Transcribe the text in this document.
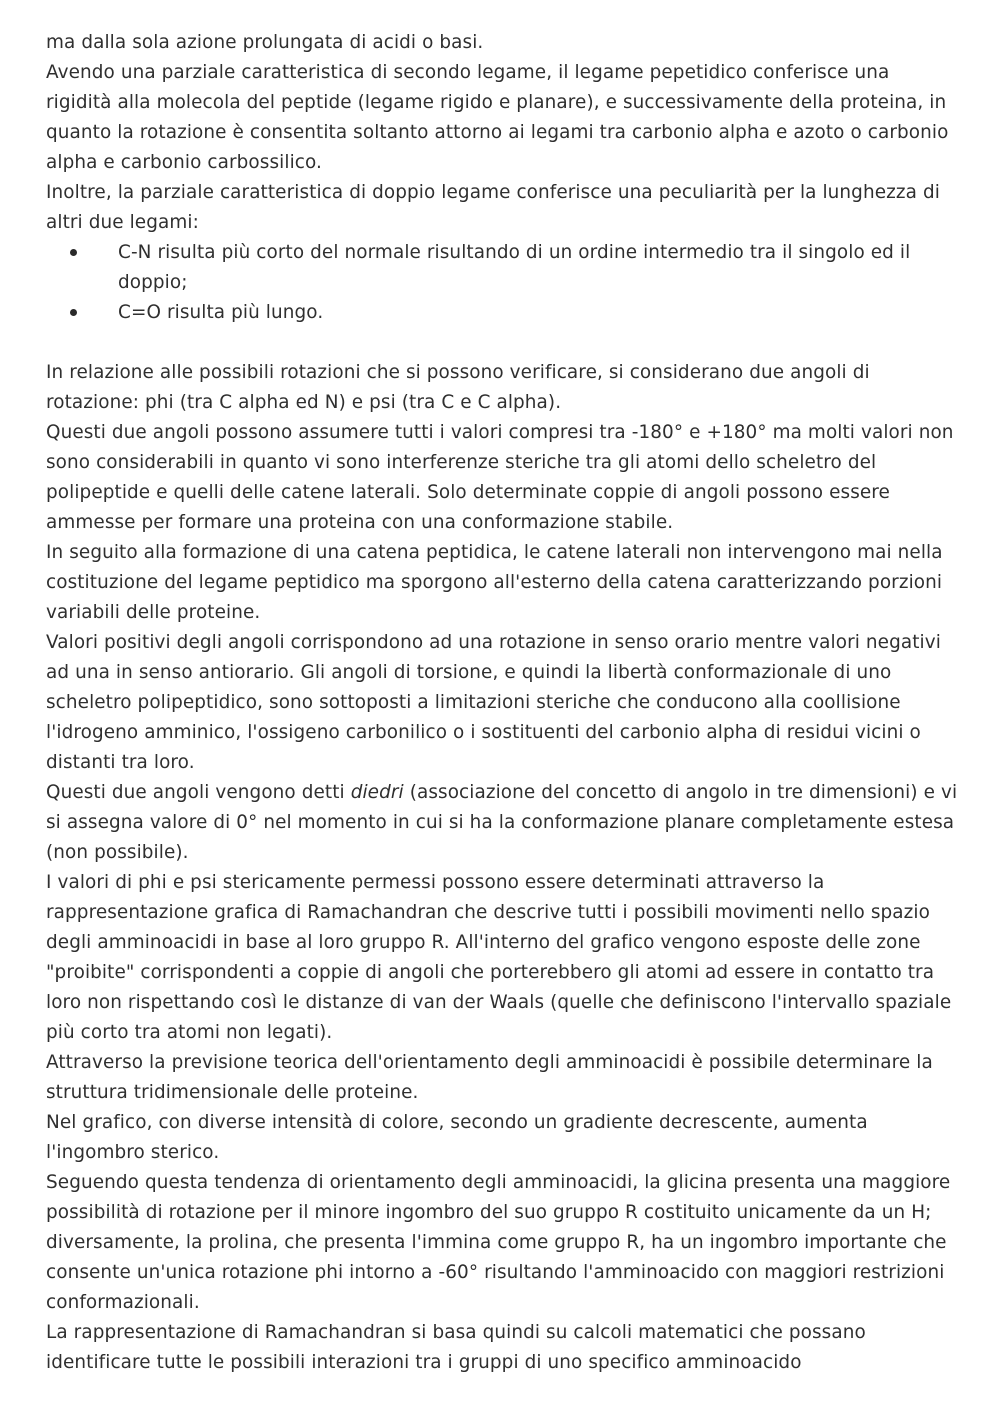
ma dalla sola azione prolungata di acidi o basi.

Avendo una parziale caratteristica di secondo legame, il legame pepetidico conferisce una rigidità alla molecola del peptide (legame rigido e planare), e successivamente della proteina, in quanto la rotazione è consentita soltanto attorno ai legami tra carbonio alpha e azoto o carbonio alpha e carbonio carbossilico.

Inoltre, la parziale caratteristica di doppio legame conferisce una peculiarità per la lunghezza di altri due legami:

C-N risulta più corto del normale risultando di un ordine intermedio tra il singolo ed il doppio;
C=O risulta più lungo.

In relazione alle possibili rotazioni che si possono verificare, si considerano due angoli di rotazione: phi (tra C alpha ed N) e psi (tra C e C alpha).

Questi due angoli possono assumere tutti i valori compresi tra -180° e +180° ma molti valori non sono considerabili in quanto vi sono interferenze steriche tra gli atomi dello scheletro del polipeptide e quelli delle catene laterali. Solo determinate coppie di angoli possono essere ammesse per formare una proteina con una conformazione stabile.

In seguito alla formazione di una catena peptidica, le catene laterali non intervengono mai nella costituzione del legame peptidico ma sporgono all'esterno della catena caratterizzando porzioni variabili delle proteine.

Valori positivi degli angoli corrispondono ad una rotazione in senso orario mentre valori negativi ad una in senso antiorario. Gli angoli di torsione, e quindi la libertà conformazionale di uno scheletro polipeptidico, sono sottoposti a limitazioni steriche che conducono alla coollisione l'idrogeno amminico, l'ossigeno carbonilico o i sostituenti del carbonio alpha di residui vicini o distanti tra loro.

Questi due angoli vengono detti diedri (associazione del concetto di angolo in tre dimensioni) e vi si assegna valore di 0° nel momento in cui si ha la conformazione planare completamente estesa (non possibile).

I valori di phi e psi stericamente permessi possono essere determinati attraverso la rappresentazione grafica di Ramachandran che descrive tutti i possibili movimenti nello spazio degli amminoacidi in base al loro gruppo R. All'interno del grafico vengono esposte delle zone "proibite" corrispondenti a coppie di angoli che porterebbero gli atomi ad essere in contatto tra loro non rispettando così le distanze di van der Waals (quelle che definiscono l'intervallo spaziale più corto tra atomi non legati).

Attraverso la previsione teorica dell'orientamento degli amminoacidi è possibile determinare la struttura tridimensionale delle proteine.

Nel grafico, con diverse intensità di colore, secondo un gradiente decrescente, aumenta l'ingombro sterico.

Seguendo questa tendenza di orientamento degli amminoacidi, la glicina presenta una maggiore possibilità di rotazione per il minore ingombro del suo gruppo R costituito unicamente da un H; diversamente, la prolina, che presenta l'immina come gruppo R, ha un ingombro importante che consente un'unica rotazione phi intorno a -60° risultando l'amminoacido con maggiori restrizioni conformazionali.

La rappresentazione di Ramachandran si basa quindi su calcoli matematici che possano identificare tutte le possibili interazioni tra i gruppi di uno specifico amminoacido
